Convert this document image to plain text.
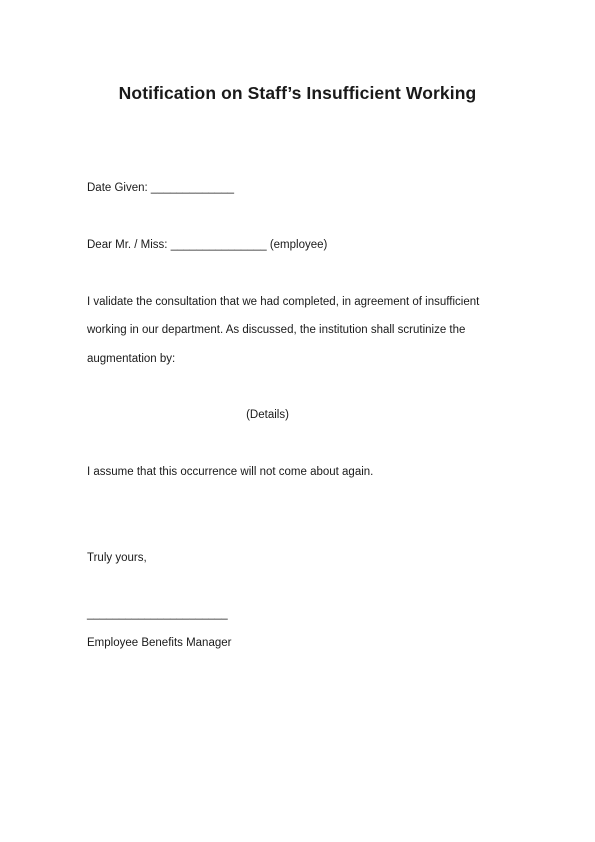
Notification on Staff’s Insufficient Working
Date Given: _____________
Dear Mr. / Miss: _______________ (employee)
I validate the consultation that we had completed, in agreement of insufficient
working in our department. As discussed, the institution shall scrutinize the
augmentation by:
(Details)
I assume that this occurrence will not come about again.
Truly yours,
______________________
Employee Benefits Manager
